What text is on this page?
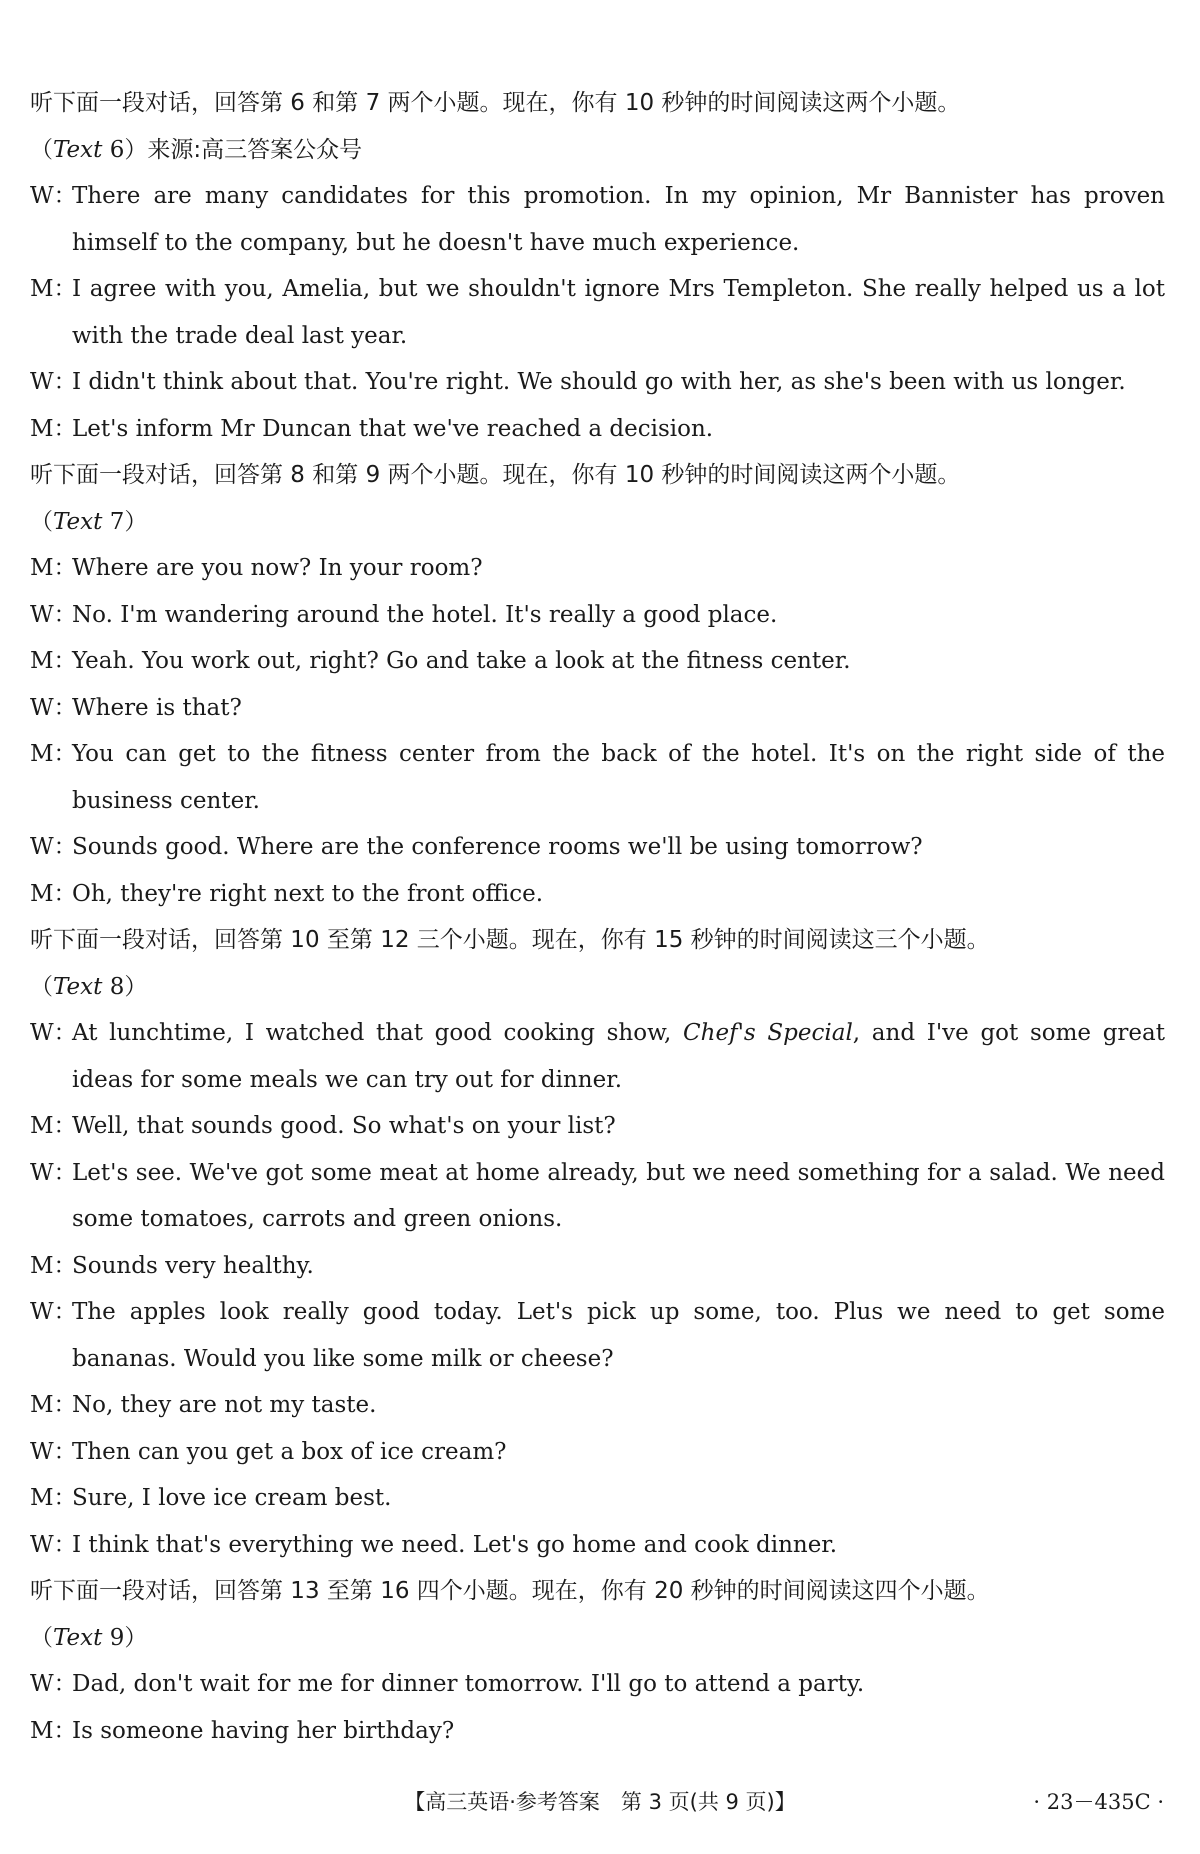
听下面一段对话，回答第 6 和第 7 两个小题。现在，你有 10 秒钟的时间阅读这两个小题。
（Text 6）来源:高三答案公众号
W：
There are many candidates for this promotion. In my opinion, Mr Bannister has proven himself to the company, but he doesn't have much experience.
M：
I agree with you, Amelia, but we shouldn't ignore Mrs Templeton. She really helped us a lot with the trade deal last year.
W：
I didn't think about that. You're right. We should go with her, as she's been with us longer.
M：
Let's inform Mr Duncan that we've reached a decision.
听下面一段对话，回答第 8 和第 9 两个小题。现在，你有 10 秒钟的时间阅读这两个小题。
（Text 7）
M：
Where are you now? In your room?
W：
No. I'm wandering around the hotel. It's really a good place.
M：
Yeah. You work out, right? Go and take a look at the fitness center.
W：
Where is that?
M：
You can get to the fitness center from the back of the hotel. It's on the right side of the business center.
W：
Sounds good. Where are the conference rooms we'll be using tomorrow?
M：
Oh, they're right next to the front office.
听下面一段对话，回答第 10 至第 12 三个小题。现在，你有 15 秒钟的时间阅读这三个小题。
（Text 8）
W：
At lunchtime, I watched that good cooking show, Chef's Special, and I've got some great ideas for some meals we can try out for dinner.
M：
Well, that sounds good. So what's on your list?
W：
Let's see. We've got some meat at home already, but we need something for a salad. We need some tomatoes, carrots and green onions.
M：
Sounds very healthy.
W：
The apples look really good today. Let's pick up some, too. Plus we need to get some bananas. Would you like some milk or cheese?
M：
No, they are not my taste.
W：
Then can you get a box of ice cream?
M：
Sure, I love ice cream best.
W：
I think that's everything we need. Let's go home and cook dinner.
听下面一段对话，回答第 13 至第 16 四个小题。现在，你有 20 秒钟的时间阅读这四个小题。
（Text 9）
W：
Dad, don't wait for me for dinner tomorrow. I'll go to attend a party.
M：
Is someone having her birthday?
【高三英语·参考答案　第 3 页(共 9 页)】	· 23－435C ·
